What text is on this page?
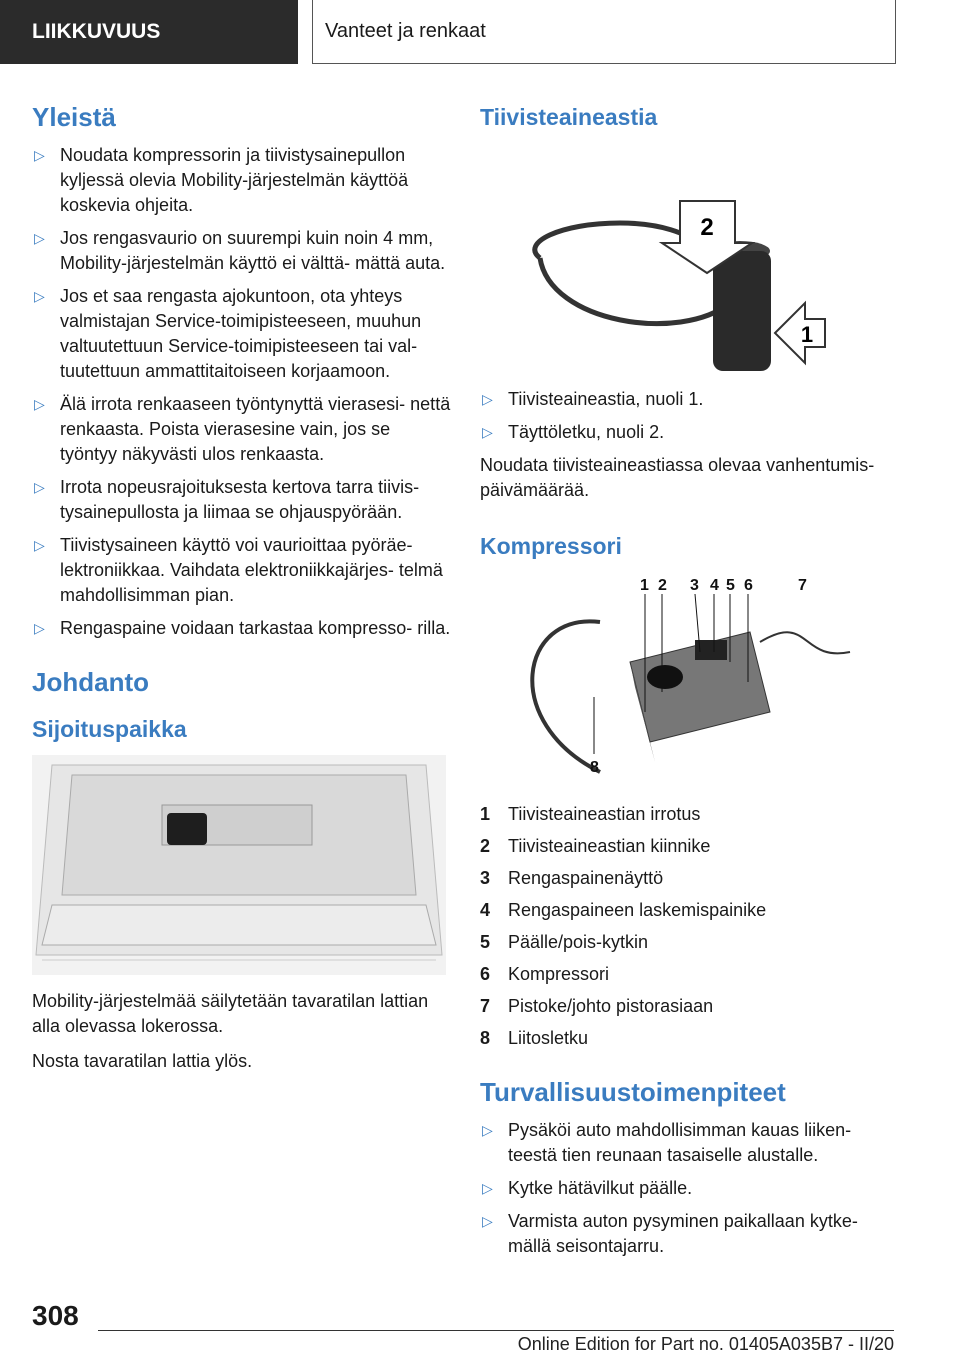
LIIKKUVUUS	Vanteet ja renkaat
Yleistä
▷ Noudata kompressorin ja tiivistysainepullon kyljessä olevia Mobility-järjestelmän käyttöä koskevia ohjeita.
▷ Jos rengasvaurio on suurempi kuin noin 4 mm, Mobility-järjestelmän käyttö ei välttä- mättä auta.
▷ Jos et saa rengasta ajokuntoon, ota yhteys valmistajan Service-toimipisteeseen, muuhun valtuutettuun Service-toimipisteeseen tai val- tuutettuun ammattitaitoiseen korjaamoon.
▷ Älä irrota renkaaseen työntynyttä vierasesi- nettä renkaasta. Poista vierasesine vain, jos se työntyy näkyvästi ulos renkaasta.
▷ Irrota nopeusrajoituksesta kertova tarra tiivis- tysainepullosta ja liimaa se ohjauspyörään.
▷ Tiivistysaineen käyttö voi vaurioittaa pyöräe- lektroniikkaa. Vaihdata elektroniikkajärjes- telmä mahdollisimman pian.
▷ Rengaspaine voidaan tarkastaa kompresso- rilla.
Johdanto
Sijoituspaikka

Mobility-järjestelmää säilytetään tavaratilan lattian alla olevassa lokerossa.

Nosta tavaratilan lattia ylös.

Tiivisteaineastia
2
1
▷ Tiivisteaineastia, nuoli 1.
▷ Täyttöletku, nuoli 2.

Noudata tiivisteaineastiassa olevaa vanhentumis- päivämäärää.

Kompressori
1 2 3 4 5 6	7
8
1 Tiivisteaineastian irrotus
2 Tiivisteaineastian kiinnike
3 Rengaspainenäyttö
4 Rengaspaineen laskemispainike
5 Päälle/pois-kytkin
6 Kompressori
7 Pistoke/johto pistorasiaan
8 Liitosletku
Turvallisuustoimenpiteet
▷ Pysäköi auto mahdollisimman kauas liiken- teestä tien reunaan tasaiselle alustalle.
▷ Kytke hätävilkut päälle.
▷ Varmista auton pysyminen paikallaan kytke- mällä seisontajarru.
308
Online Edition for Part no. 01405A035B7 - II/20
